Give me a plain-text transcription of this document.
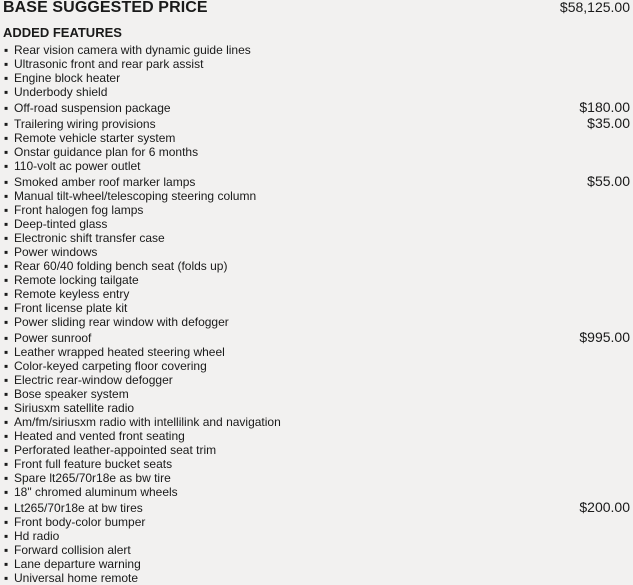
BASE SUGGESTED PRICE	$58,125.00
ADDED FEATURES
▪ Rear vision camera with dynamic guide lines
▪ Ultrasonic front and rear park assist
▪ Engine block heater
▪ Underbody shield
▪ Off-road suspension package	$180.00
▪ Trailering wiring provisions	$35.00
▪ Remote vehicle starter system
▪ Onstar guidance plan for 6 months
▪ 110-volt ac power outlet
▪ Smoked amber roof marker lamps	$55.00
▪ Manual tilt-wheel/telescoping steering column
▪ Front halogen fog lamps
▪ Deep-tinted glass
▪ Electronic shift transfer case
▪ Power windows
▪ Rear 60/40 folding bench seat (folds up)
▪ Remote locking tailgate
▪ Remote keyless entry
▪ Front license plate kit
▪ Power sliding rear window with defogger
▪ Power sunroof	$995.00
▪ Leather wrapped heated steering wheel
▪ Color-keyed carpeting floor covering
▪ Electric rear-window defogger
▪ Bose speaker system
▪ Siriusxm satellite radio
▪ Am/fm/siriusxm radio with intellilink and navigation
▪ Heated and vented front seating
▪ Perforated leather-appointed seat trim
▪ Front full feature bucket seats
▪ Spare lt265/70r18e as bw tire
▪ 18" chromed aluminum wheels
▪ Lt265/70r18e at bw tires	$200.00
▪ Front body-color bumper
▪ Hd radio
▪ Forward collision alert
▪ Lane departure warning
▪ Universal home remote
